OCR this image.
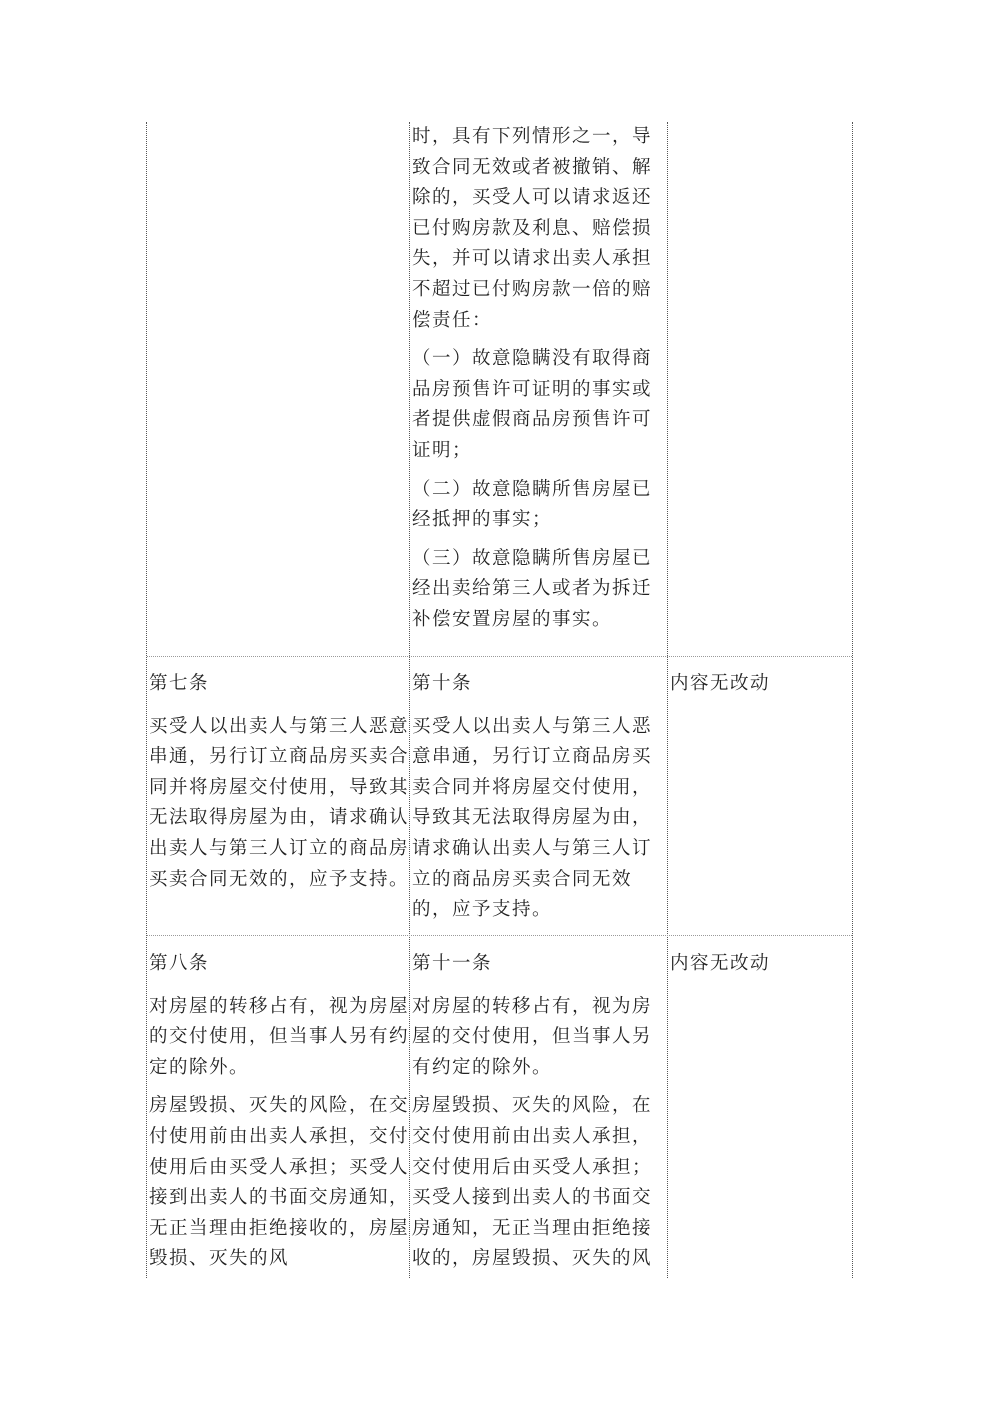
时，具有下列情形之一，导致合同无效或者被撤销、解除的，买受人可以请求返还已付购房款及利息、赔偿损失，并可以请求出卖人承担不超过已付购房款一倍的赔偿责任：

（一）故意隐瞒没有取得商品房预售许可证明的事实或者提供虚假商品房预售许可证明；

（二）故意隐瞒所售房屋已经抵押的事实；

（三）故意隐瞒所售房屋已经出卖给第三人或者为拆迁补偿安置房屋的事实。

第七条

买受人以出卖人与第三人恶意串通，另行订立商品房买卖合同并将房屋交付使用，导致其无法取得房屋为由，请求确认出卖人与第三人订立的商品房买卖合同无效的，应予支持。

第十条

买受人以出卖人与第三人恶意串通，另行订立商品房买卖合同并将房屋交付使用，导致其无法取得房屋为由，请求确认出卖人与第三人订立的商品房买卖合同无效的，应予支持。

内容无改动

第八条

对房屋的转移占有，视为房屋的交付使用，但当事人另有约定的除外。

房屋毁损、灭失的风险，在交付使用前由出卖人承担，交付使用后由买受人承担；买受人接到出卖人的书面交房通知，无正当理由拒绝接收的，房屋毁损、灭失的风

第十一条

对房屋的转移占有，视为房屋的交付使用，但当事人另有约定的除外。

房屋毁损、灭失的风险，在交付使用前由出卖人承担，交付使用后由买受人承担；买受人接到出卖人的书面交房通知，无正当理由拒绝接收的，房屋毁损、灭失的风

内容无改动
